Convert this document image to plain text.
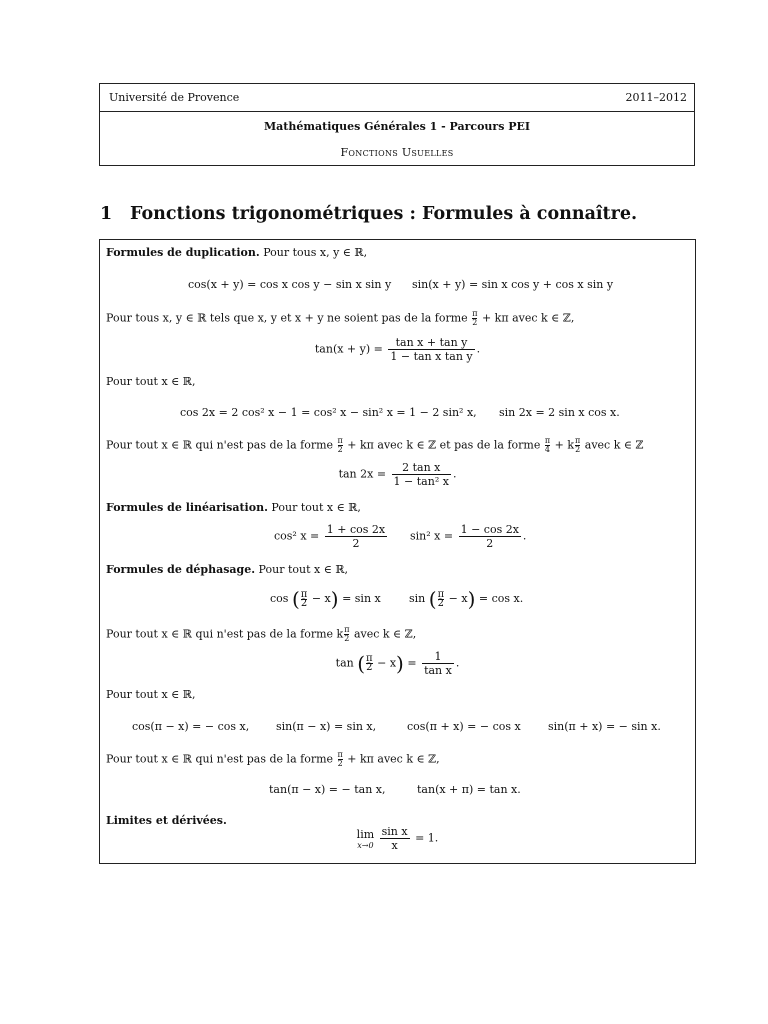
Université de Provence	2011–2012
Mathématiques Générales 1 - Parcours PEI
Fonctions Usuelles
1 Fonctions trigonométriques : Formules à connaître.
Formules de duplication. Pour tous x, y ∈ ℝ,
cos(x + y) = cos x cos y − sin x sin y sin(x + y) = sin x cos y + cos x sin y
Pour tous x, y ∈ ℝ tels que x, y et x + y ne soient pas de la forme $\frac{\pi}{2} + k\pi$ avec k ∈ ℤ,
$\tan(x + y) = \frac{\text{tan x + tan y}}{\text{1 − tan x tan y}}$ .
Pour tout x ∈ ℝ,
cos 2x = 2 cos² x − 1 = cos² x − sin² x = 1 − 2 sin² x, sin 2x = 2 sin x cos x.
Pour tout x ∈ ℝ qui n'est pas de la forme $\frac{\pi}{2} + k\pi$ avec k ∈ ℤ et pas de la forme $\frac{\pi}{4} + k \frac{\pi}{2}$ avec k ∈ ℤ
$\tan 2x = \frac{\text{2 tan x}}{\text{1 − tan² x}}$ .
Formules de linéarisation. Pour tout x ∈ ℝ,
cos² $x = \frac{1 + \cos 2x}{2} \sin^2$ $x = \frac{1 - \cos 2x}{2}$ .
Formules de déphasage. Pour tout x ∈ ℝ,
cos ( $\frac{\pi}{2} - x) = \sin x$	sin ( $\frac{\pi}{2} - x) = \cos x$.
Pour tout x ∈ ℝ qui n'est pas de la forme k $\frac{\pi}{2}$ avec k ∈ ℤ,
tan ( $\frac{\pi}{2} - x) = \frac{1}{\text{tan x}}$ .
Pour tout x ∈ ℝ,
cos(π − x) = − cos x, sin(π − x) = sin x,	cos(π + x) = − cos x sin(π + x) = − sin x.
Pour tout x ∈ ℝ qui n'est pas de la forme $\frac{\pi}{2} + k\pi$ avec k ∈ ℤ,
tan(π − x) = − tan x,	tan(x + π) = tan x.
Limites et dérivées.
lim
x→0
$\frac{\text{sin x}}{x} = 1$.
